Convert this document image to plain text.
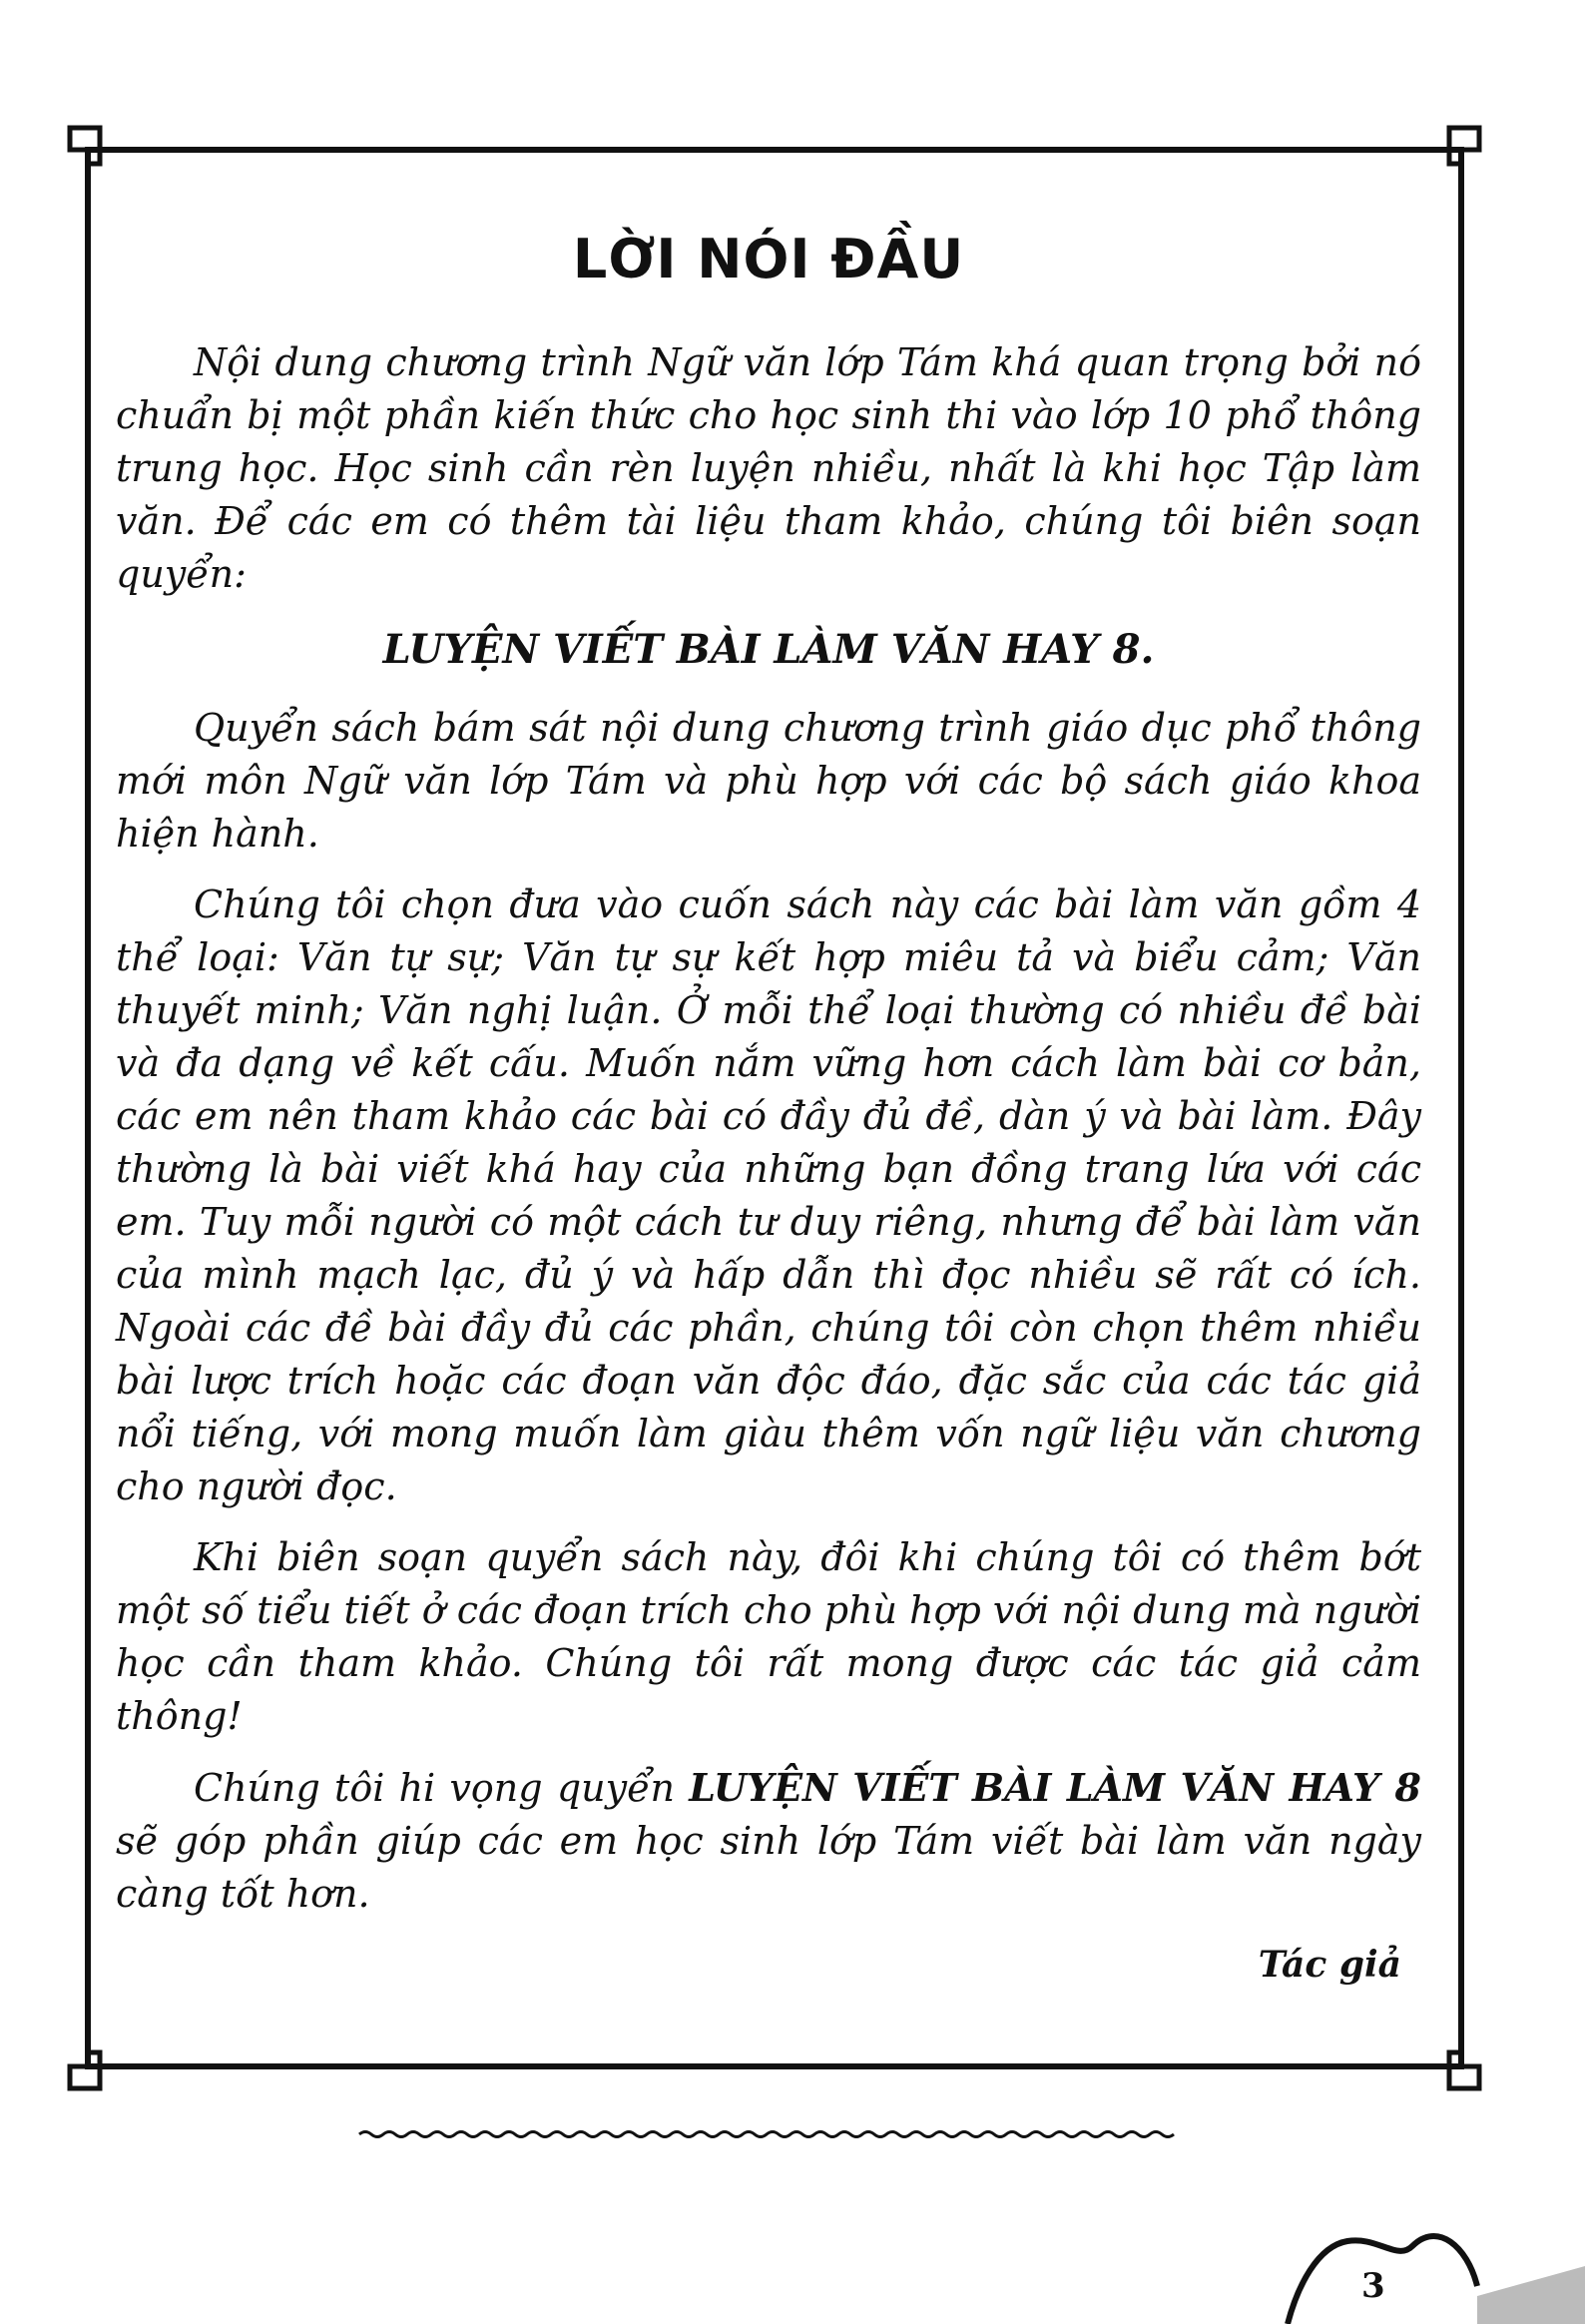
LỜI NÓI ĐẦU

Nội dung chương trình Ngữ văn lớp Tám khá quan trọng bởi nó chuẩn bị một phần kiến thức cho học sinh thi vào lớp 10 phổ thông trung học. Học sinh cần rèn luyện nhiều, nhất là khi học Tập làm văn. Để các em có thêm tài liệu tham khảo, chúng tôi biên soạn quyển:

LUYỆN VIẾT BÀI LÀM VĂN HAY 8.

Quyển sách bám sát nội dung chương trình giáo dục phổ thông mới môn Ngữ văn lớp Tám và phù hợp với các bộ sách giáo khoa hiện hành.

Chúng tôi chọn đưa vào cuốn sách này các bài làm văn gồm 4 thể loại: Văn tự sự; Văn tự sự kết hợp miêu tả và biểu cảm; Văn thuyết minh; Văn nghị luận. Ở mỗi thể loại thường có nhiều đề bài và đa dạng về kết cấu. Muốn nắm vững hơn cách làm bài cơ bản, các em nên tham khảo các bài có đầy đủ đề, dàn ý và bài làm. Đây thường là bài viết khá hay của những bạn đồng trang lứa với các em. Tuy mỗi người có một cách tư duy riêng, nhưng để bài làm văn của mình mạch lạc, đủ ý và hấp dẫn thì đọc nhiều sẽ rất có ích. Ngoài các đề bài đầy đủ các phần, chúng tôi còn chọn thêm nhiều bài lược trích hoặc các đoạn văn độc đáo, đặc sắc của các tác giả nổi tiếng, với mong muốn làm giàu thêm vốn ngữ liệu văn chương cho người đọc.

Khi biên soạn quyển sách này, đôi khi chúng tôi có thêm bớt một số tiểu tiết ở các đoạn trích cho phù hợp với nội dung mà người học cần tham khảo. Chúng tôi rất mong được các tác giả cảm thông!

Chúng tôi hi vọng quyển LUYỆN VIẾT BÀI LÀM VĂN HAY 8 sẽ góp phần giúp các em học sinh lớp Tám viết bài làm văn ngày càng tốt hơn.

Tác giả

3
